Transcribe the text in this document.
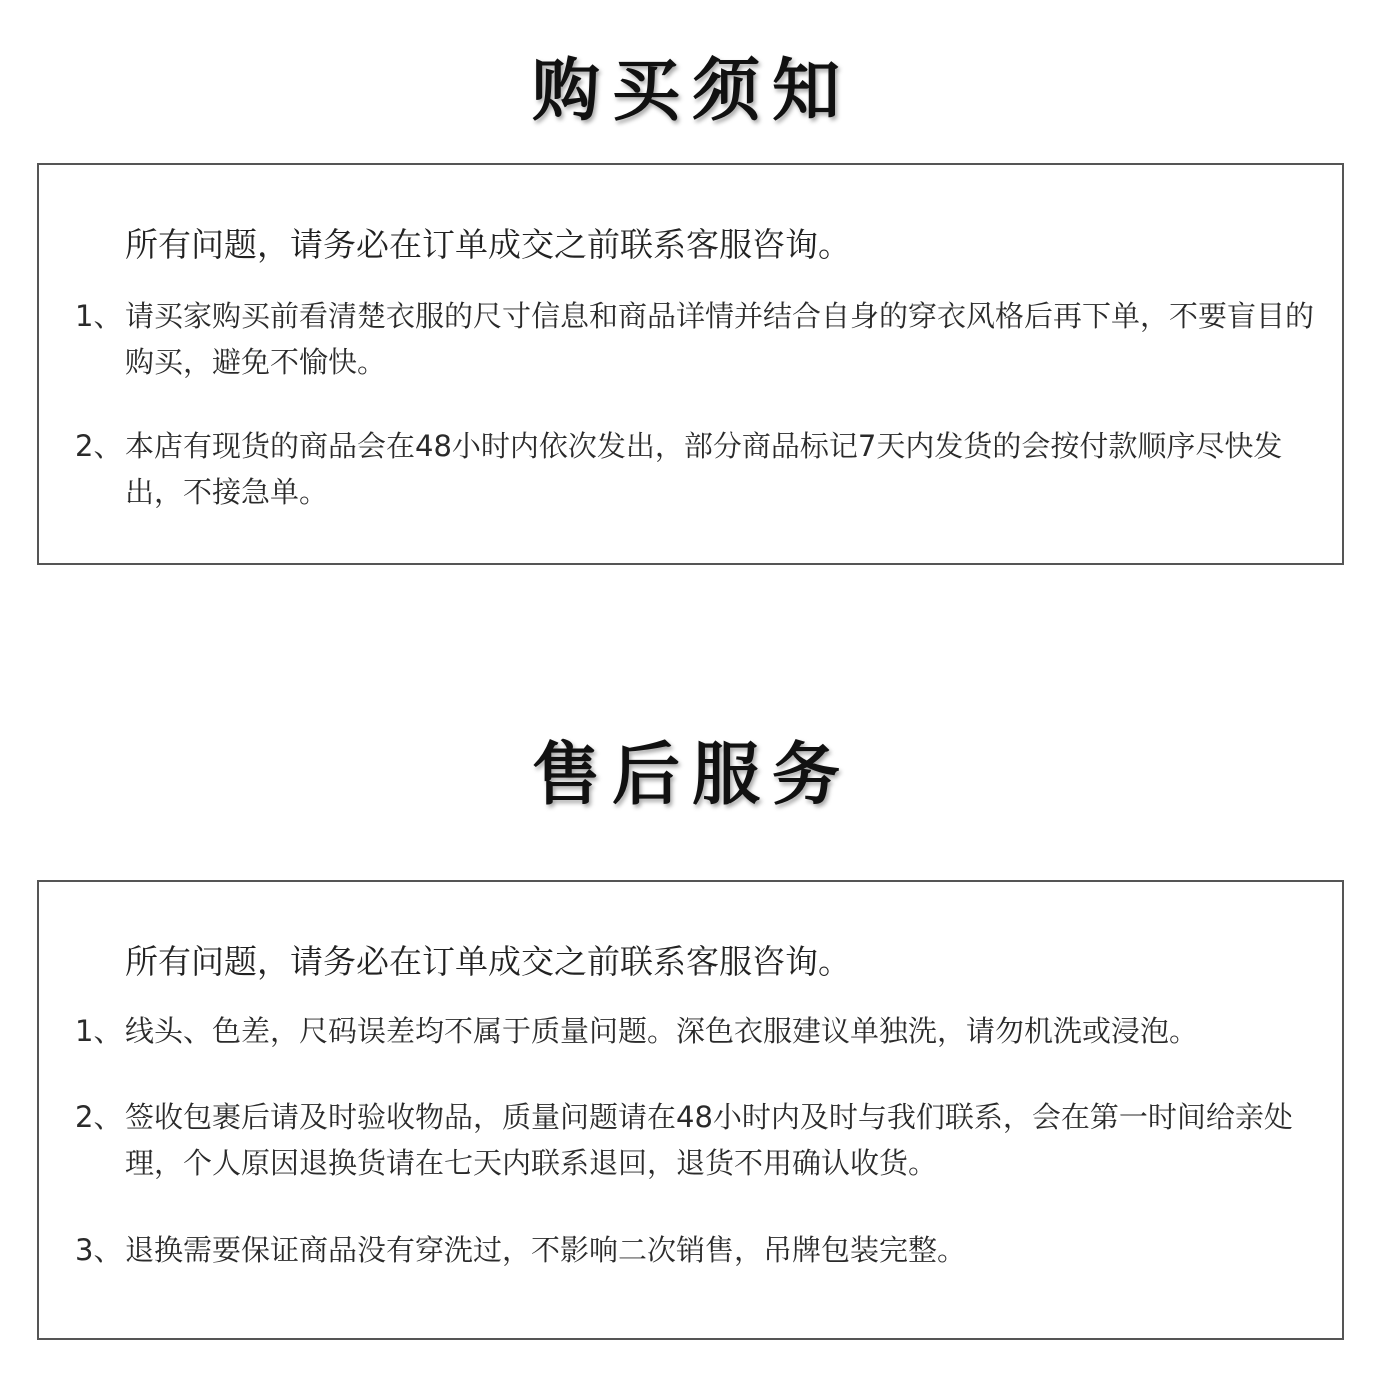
购买须知
所有问题，请务必在订单成交之前联系客服咨询。
1、 请买家购买前看清楚衣服的尺寸信息和商品详情并结合自身的穿衣风格后再下单，不要盲目的购买，避免不愉快。
2、 本店有现货的商品会在48小时内依次发出，部分商品标记7天内发货的会按付款顺序尽快发出，不接急单。
售后服务
所有问题，请务必在订单成交之前联系客服咨询。
1、 线头、色差，尺码误差均不属于质量问题。深色衣服建议单独洗，请勿机洗或浸泡。
2、 签收包裹后请及时验收物品，质量问题请在48小时内及时与我们联系，会在第一时间给亲处理，个人原因退换货请在七天内联系退回，退货不用确认收货。
3、 退换需要保证商品没有穿洗过，不影响二次销售，吊牌包装完整。
